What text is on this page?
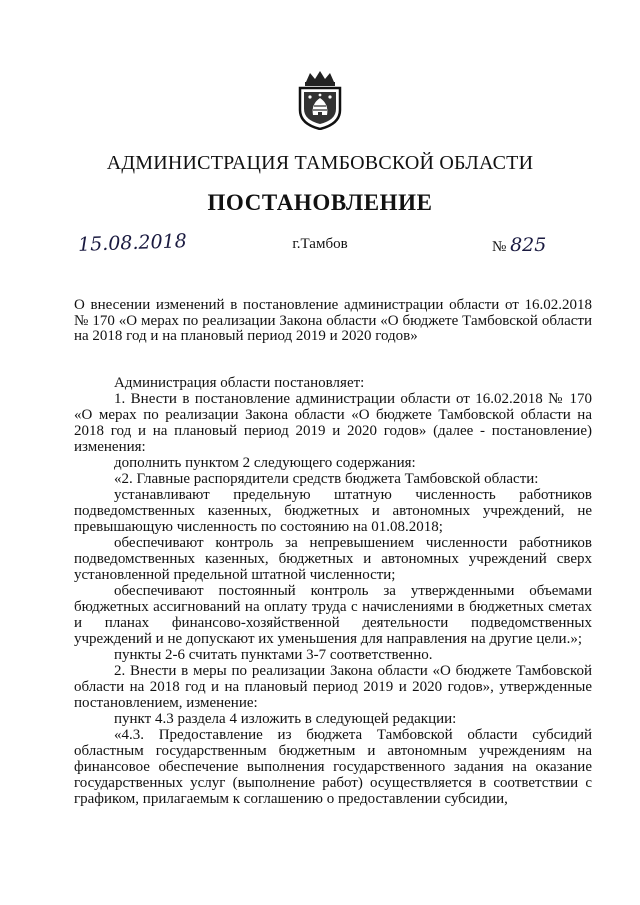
АДМИНИСТРАЦИЯ ТАМБОВСКОЙ ОБЛАСТИ
ПОСТАНОВЛЕНИЕ
15.08.2018	г.Тамбов	№ 825
О внесении изменений в постановление администрации области от 16.02.2018 № 170 «О мерах по реализации Закона области «О бюджете Тамбовской области на 2018 год и на плановый период 2019 и 2020 годов»

Администрация области постановляет:

1. Внести в постановление администрации области от 16.02.2018 № 170 «О мерах по реализации Закона области «О бюджете Тамбовской области на 2018 год и на плановый период 2019 и 2020 годов» (далее - постановление) изменения:

дополнить пунктом 2 следующего содержания:

«2. Главные распорядители средств бюджета Тамбовской области:

устанавливают предельную штатную численность работников подведомственных казенных, бюджетных и автономных учреждений, не превышающую численность по состоянию на 01.08.2018;

обеспечивают контроль за непревышением численности работников подведомственных казенных, бюджетных и автономных учреждений сверх установленной предельной штатной численности;

обеспечивают постоянный контроль за утвержденными объемами бюджетных ассигнований на оплату труда с начислениями в бюджетных сметах и планах финансово-хозяйственной деятельности подведомственных учреждений и не допускают их уменьшения для направления на другие цели.»;

пункты 2-6 считать пунктами 3-7 соответственно.

2. Внести в меры по реализации Закона области «О бюджете Тамбовской области на 2018 год и на плановый период 2019 и 2020 годов», утвержденные постановлением, изменение:

пункт 4.3 раздела 4 изложить в следующей редакции:

«4.3. Предоставление из бюджета Тамбовской области субсидий областным государственным бюджетным и автономным учреждениям на финансовое обеспечение выполнения государственного задания на оказание государственных услуг (выполнение работ) осуществляется в соответствии с графиком, прилагаемым к соглашению о предоставлении субсидии,
